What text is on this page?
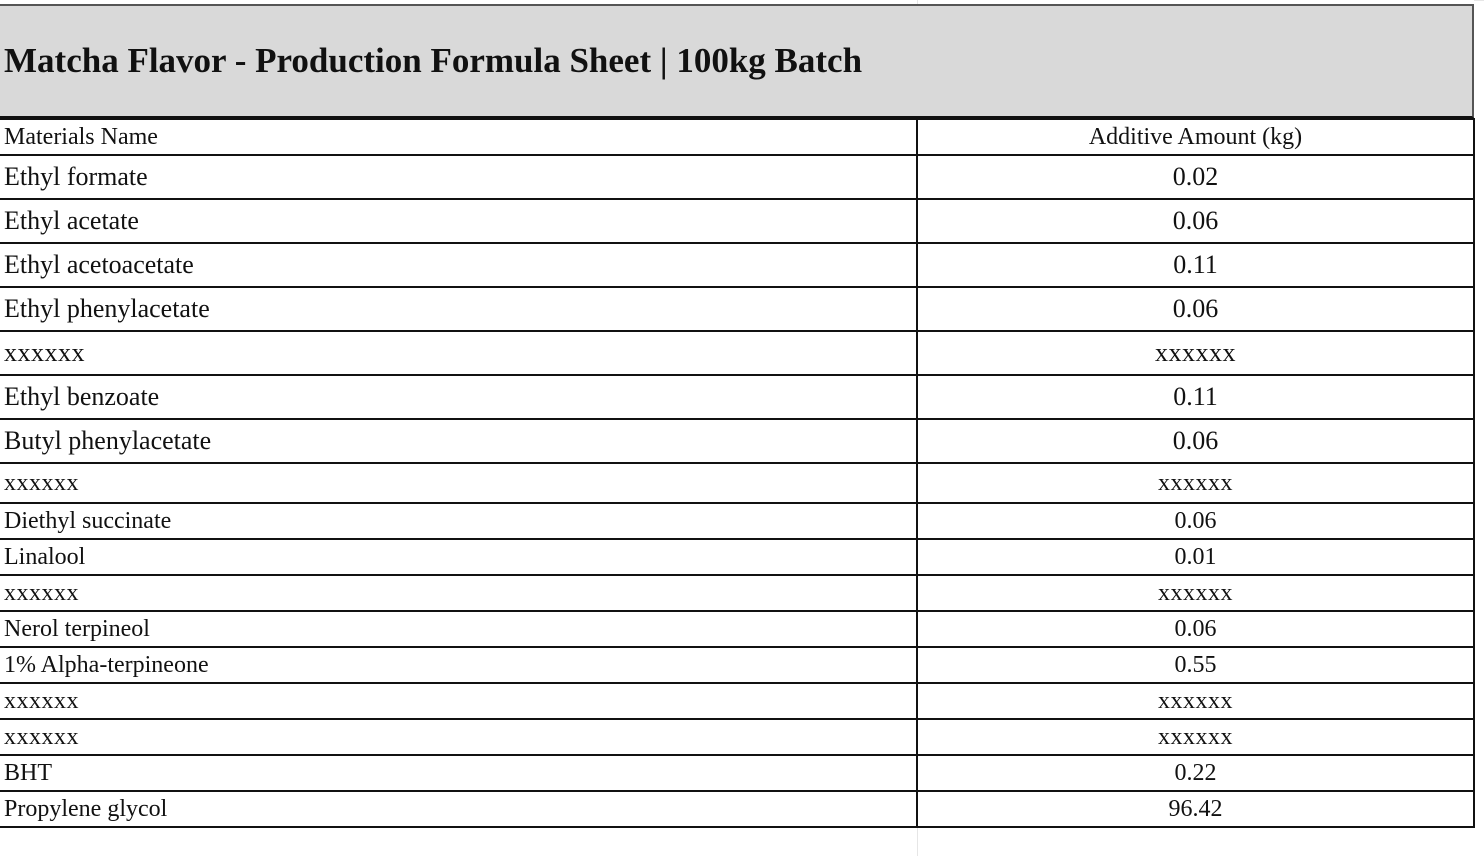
Matcha Flavor - Production Formula Sheet | 100kg Batch
Materials Name	Additive Amount (kg)
Ethyl formate	0.02
Ethyl acetate	0.06
Ethyl acetoacetate	0.11
Ethyl phenylacetate	0.06
xxxxxx	xxxxxx
Ethyl benzoate	0.11
Butyl phenylacetate	0.06
xxxxxx	xxxxxx
Diethyl succinate	0.06
Linalool	0.01
xxxxxx	xxxxxx
Nerol terpineol	0.06
1% Alpha-terpineone	0.55
xxxxxx	xxxxxx
xxxxxx	xxxxxx
BHT	0.22
Propylene glycol	96.42
